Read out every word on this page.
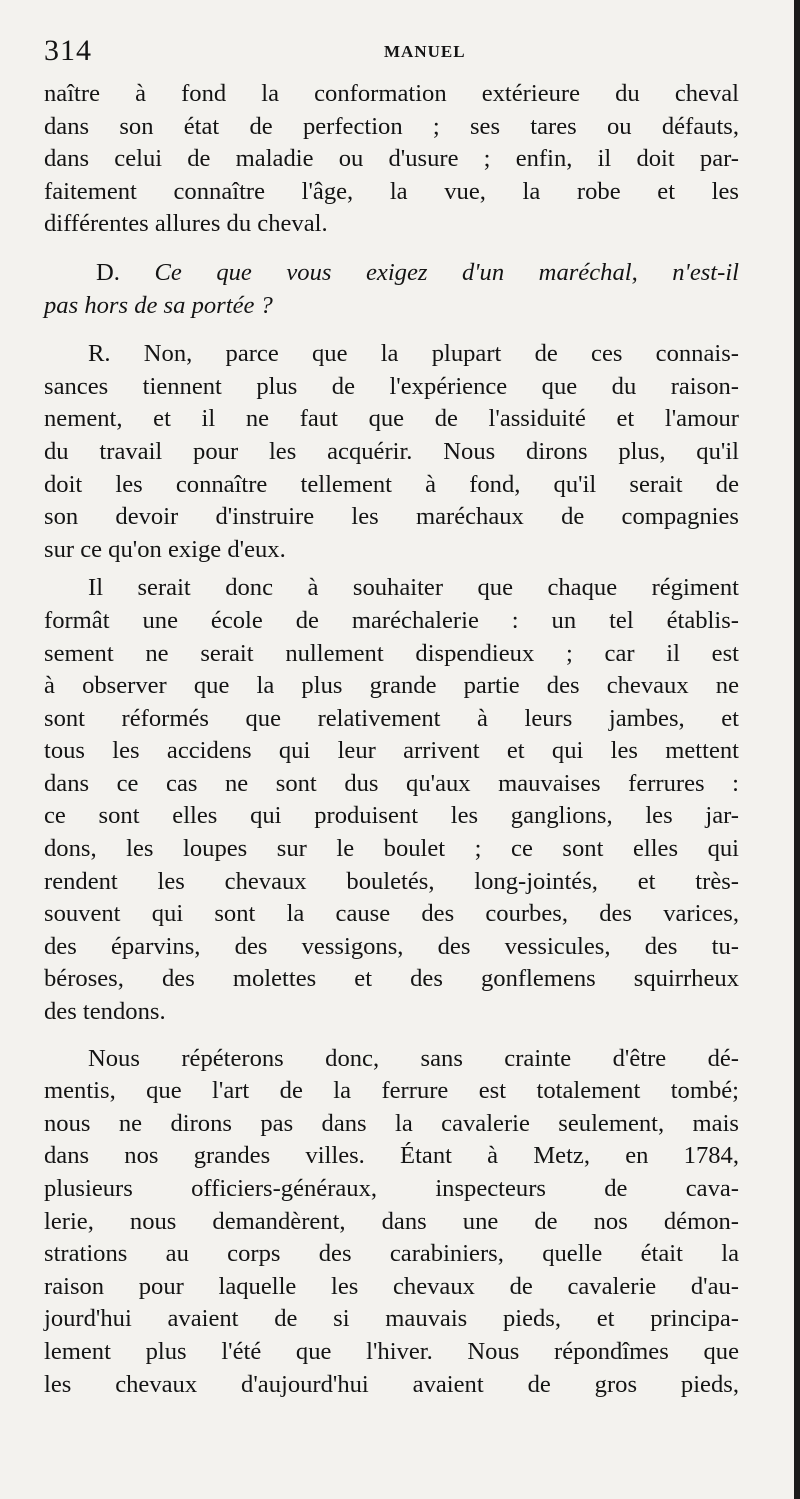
314	MANUEL

naître à fond la conformation extérieure du cheval

dans son état de perfection ; ses tares ou défauts,

dans celui de maladie ou d'usure ; enfin, il doit par-

faitement connaître l'âge, la vue, la robe et les

différentes allures du cheval.

D. Ce que vous exigez d'un maréchal, n'est-il

pas hors de sa portée ?

R. Non, parce que la plupart de ces connais-

sances tiennent plus de l'expérience que du raison-

nement, et il ne faut que de l'assiduité et l'amour

du travail pour les acquérir. Nous dirons plus, qu'il

doit les connaître tellement à fond, qu'il serait de

son devoir d'instruire les maréchaux de compagnies

sur ce qu'on exige d'eux.

Il serait donc à souhaiter que chaque régiment

formât une école de maréchalerie : un tel établis-

sement ne serait nullement dispendieux ; car il est

à observer que la plus grande partie des chevaux ne

sont réformés que relativement à leurs jambes, et

tous les accidens qui leur arrivent et qui les mettent

dans ce cas ne sont dus qu'aux mauvaises ferrures :

ce sont elles qui produisent les ganglions, les jar-

dons, les loupes sur le boulet ; ce sont elles qui

rendent les chevaux bouletés, long-jointés, et très-

souvent qui sont la cause des courbes, des varices,

des éparvins, des vessigons, des vessicules, des tu-

béroses, des molettes et des gonflemens squirrheux

des tendons.

Nous répéterons donc, sans crainte d'être dé-

mentis, que l'art de la ferrure est totalement tombé;

nous ne dirons pas dans la cavalerie seulement, mais

dans nos grandes villes. Étant à Metz, en 1784,

plusieurs officiers-généraux, inspecteurs de cava-

lerie, nous demandèrent, dans une de nos démon-

strations au corps des carabiniers, quelle était la

raison pour laquelle les chevaux de cavalerie d'au-

jourd'hui avaient de si mauvais pieds, et principa-

lement plus l'été que l'hiver. Nous répondîmes que

les chevaux d'aujourd'hui avaient de gros pieds,
